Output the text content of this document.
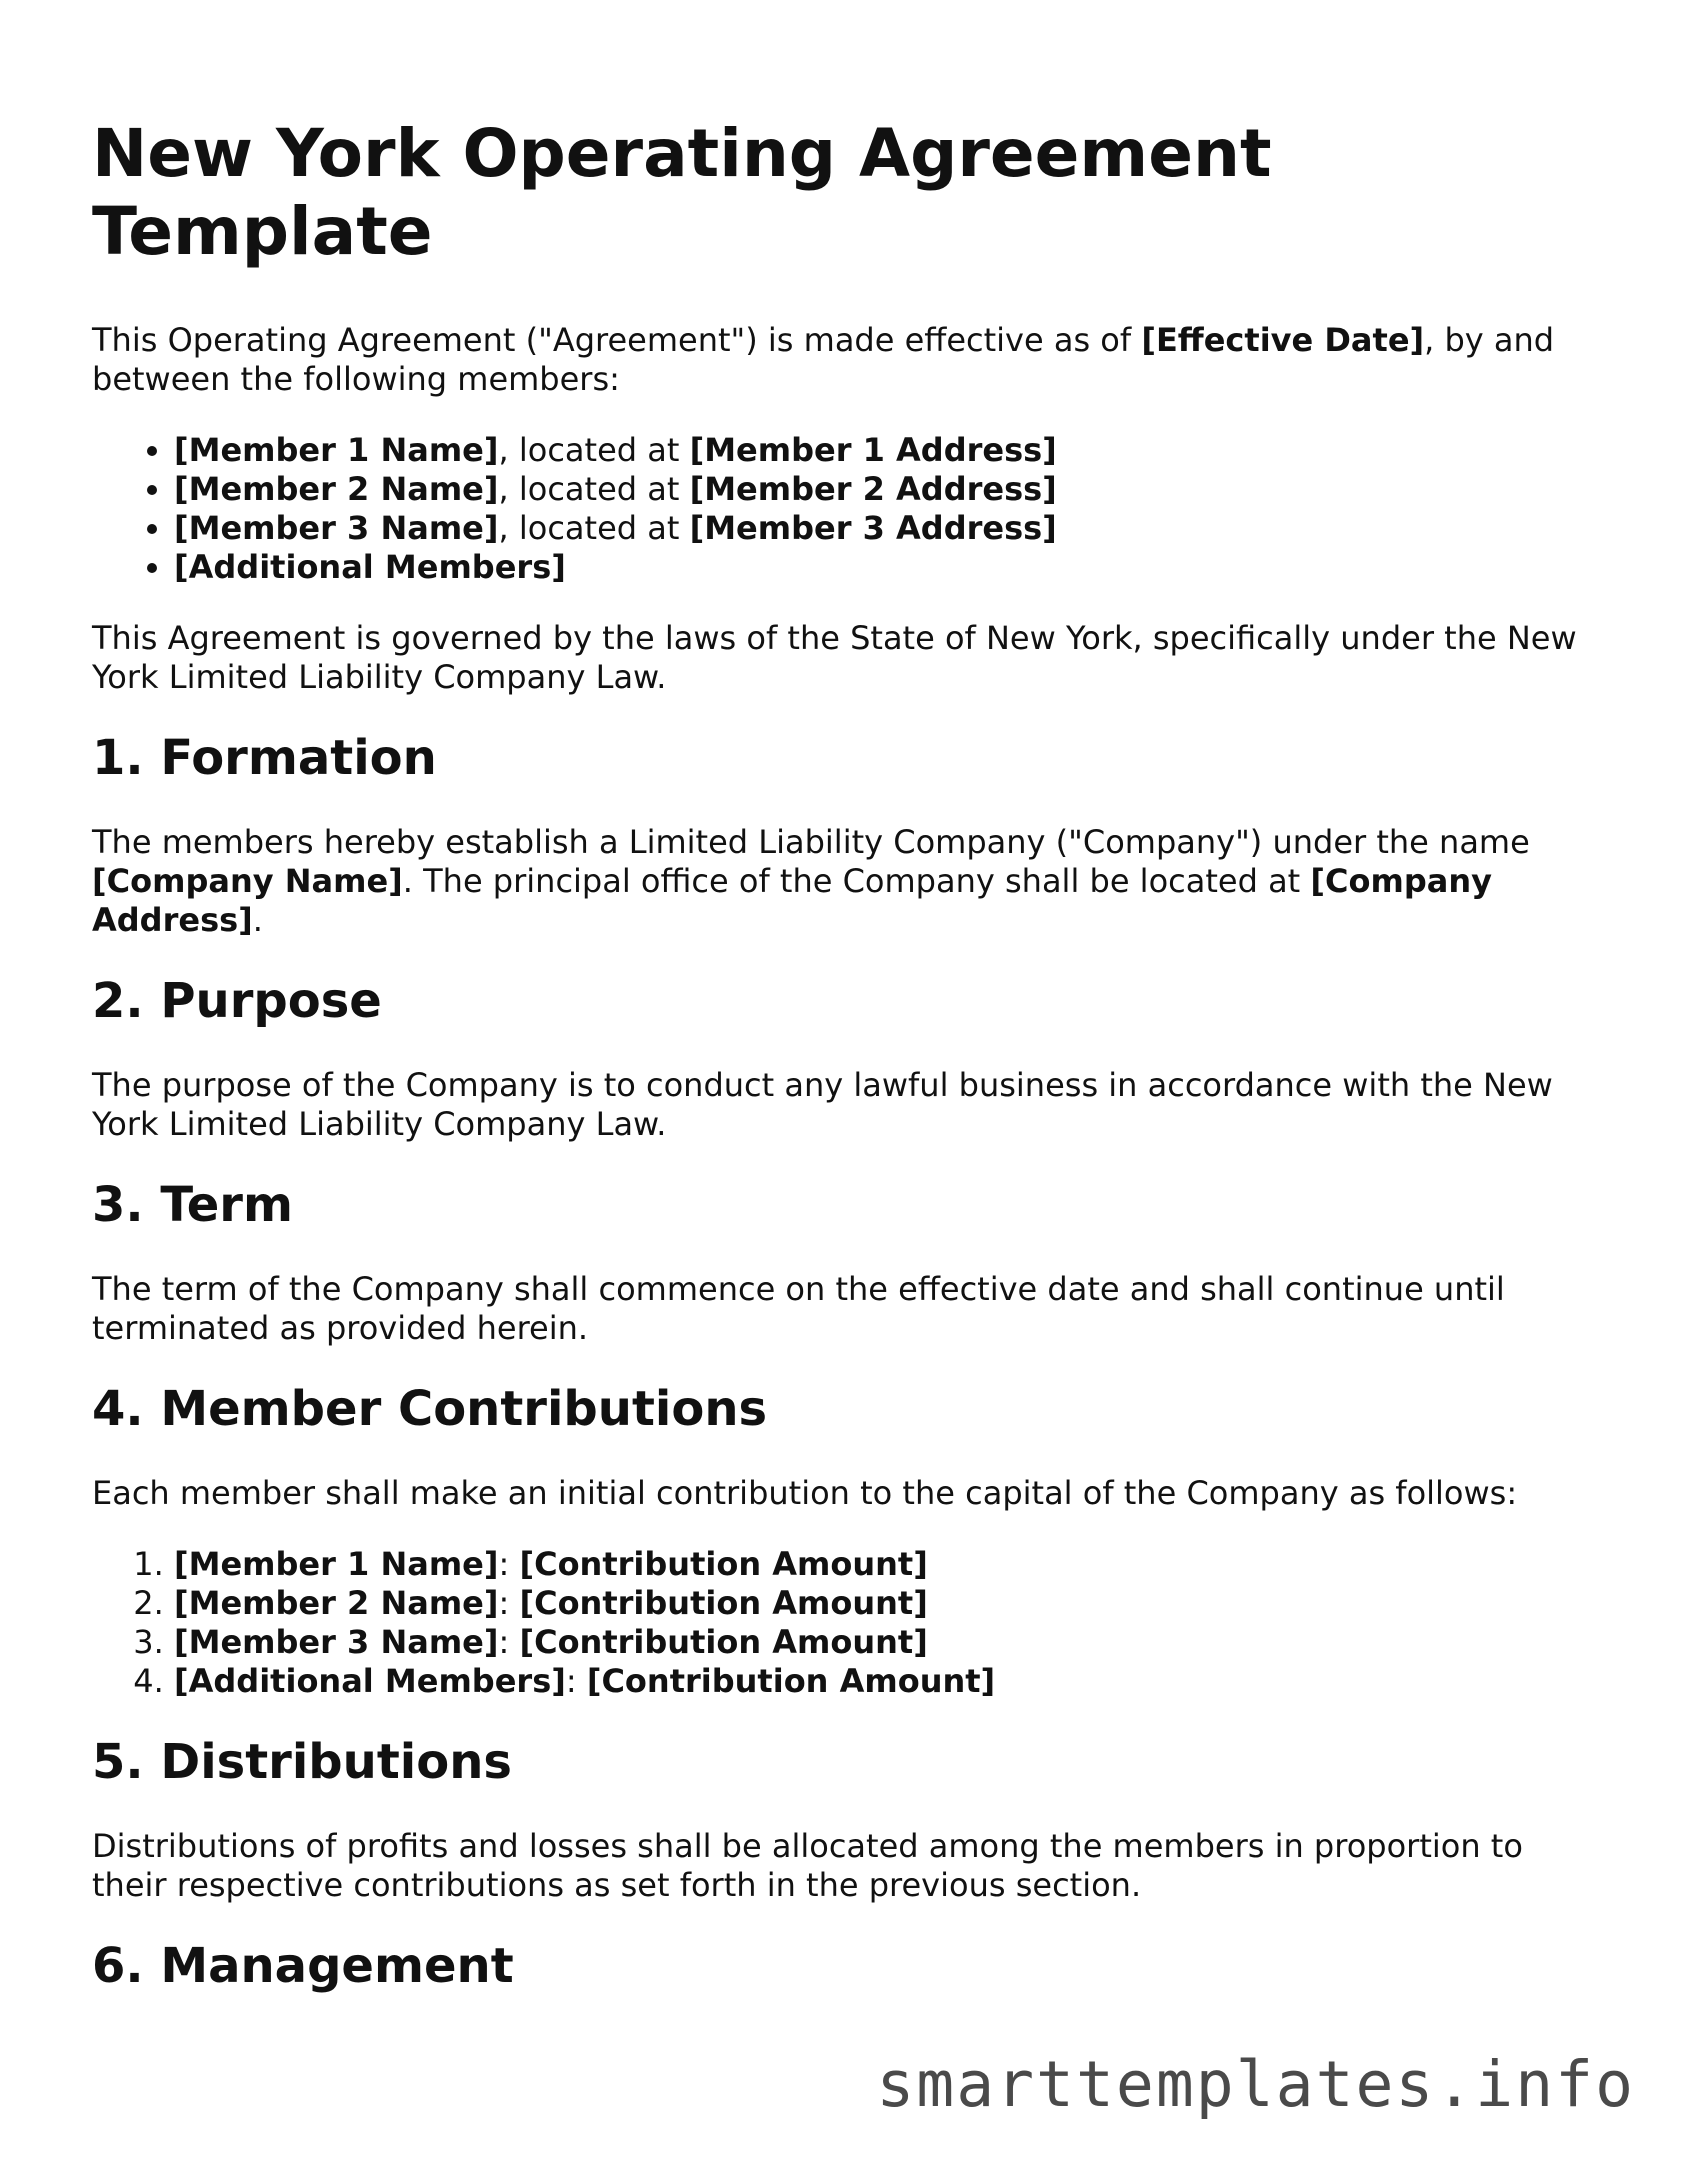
New York Operating Agreement Template

This Operating Agreement ("Agreement") is made effective as of [Effective Date], by and between the following members:

• [Member 1 Name], located at [Member 1 Address]
• [Member 2 Name], located at [Member 2 Address]
• [Member 3 Name], located at [Member 3 Address]
• [Additional Members]

This Agreement is governed by the laws of the State of New York, specifically under the New York Limited Liability Company Law.

1. Formation

The members hereby establish a Limited Liability Company ("Company") under the name [Company Name]. The principal office of the Company shall be located at [Company Address].

2. Purpose

The purpose of the Company is to conduct any lawful business in accordance with the New York Limited Liability Company Law.

3. Term

The term of the Company shall commence on the effective date and shall continue until terminated as provided herein.

4. Member Contributions

Each member shall make an initial contribution to the capital of the Company as follows:

1. [Member 1 Name]: [Contribution Amount]
2. [Member 2 Name]: [Contribution Amount]
3. [Member 3 Name]: [Contribution Amount]
4. [Additional Members]: [Contribution Amount]
5. Distributions

Distributions of profits and losses shall be allocated among the members in proportion to their respective contributions as set forth in the previous section.

6. Management
smarttemplates.info
